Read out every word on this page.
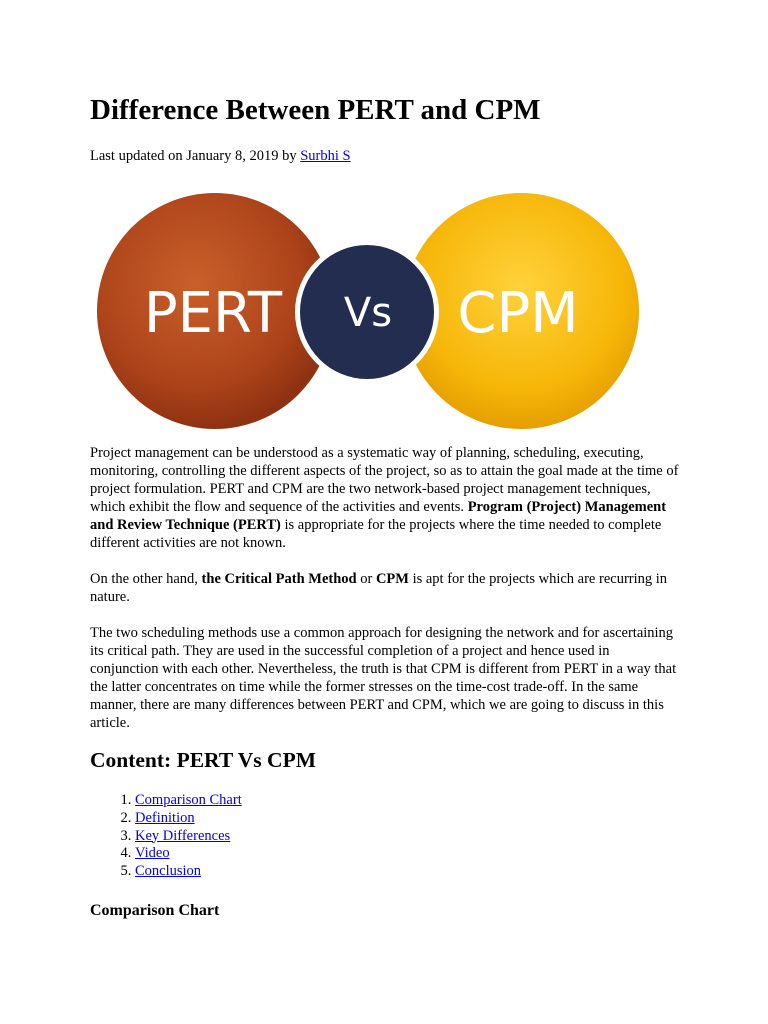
Difference Between PERT and CPM
Last updated on January 8, 2019 by Surbhi S

Project management can be understood as a systematic way of planning, scheduling, executing, monitoring, controlling the different aspects of the project, so as to attain the goal made at the time of project formulation. PERT and CPM are the two network-based project management techniques, which exhibit the flow and sequence of the activities and events. Program (Project) Management and Review Technique (PERT) is appropriate for the projects where the time needed to complete different activities are not known.

On the other hand, the Critical Path Method or CPM is apt for the projects which are recurring in nature.

The two scheduling methods use a common approach for designing the network and for ascertaining its critical path. They are used in the successful completion of a project and hence used in conjunction with each other. Nevertheless, the truth is that CPM is different from PERT in a way that the latter concentrates on time while the former stresses on the time-cost trade-off. In the same manner, there are many differences between PERT and CPM, which we are going to discuss in this article.

Content: PERT Vs CPM
1. Comparison Chart
2. Definition
3. Key Differences
4. Video
5. Conclusion
Comparison Chart
PERT Vs CPM
